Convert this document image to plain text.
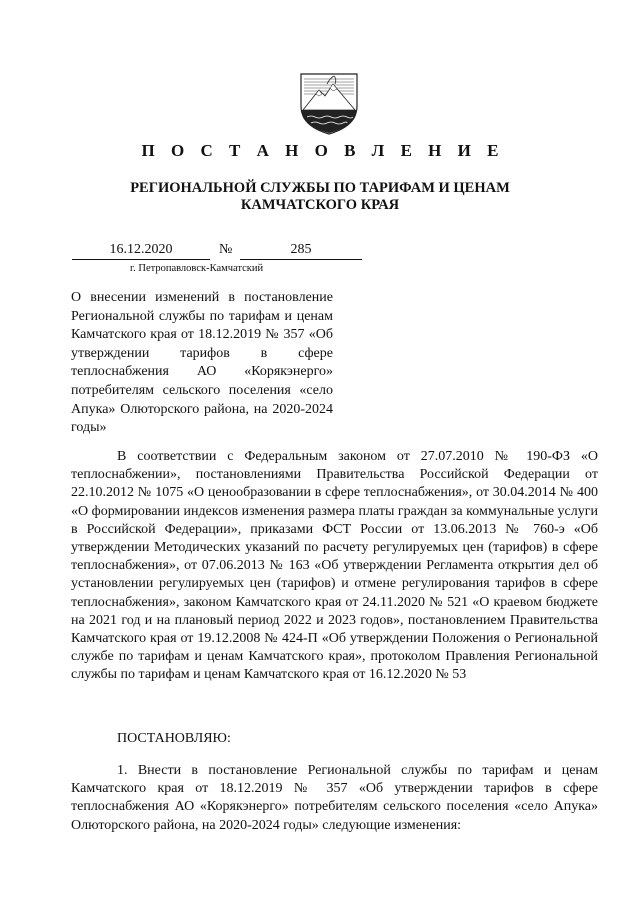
П О С Т А Н О В Л Е Н И Е
РЕГИОНАЛЬНОЙ СЛУЖБЫ ПО ТАРИФАМ И ЦЕНАМ КАМЧАТСКОГО КРАЯ
16.12.2020	№	285
г. Петропавловск-Камчатский
О внесении изменений в постановление Региональной службы по тарифам и ценам Камчатского края от 18.12.2019 № 357 «Об утверждении тарифов в сфере теплоснабжения АО «Корякэнерго» потребителям сельского поселения «село Апука» Олюторского района, на 2020-2024 годы»
В соответствии с Федеральным законом от 27.07.2010 № 190-ФЗ «О теплоснабжении», постановлениями Правительства Российской Федерации от 22.10.2012 № 1075 «О ценообразовании в сфере теплоснабжения», от 30.04.2014 № 400 «О формировании индексов изменения размера платы граждан за коммунальные услуги в Российской Федерации», приказами ФСТ России от 13.06.2013 № 760-э «Об утверждении Методических указаний по расчету регулируемых цен (тарифов) в сфере теплоснабжения», от 07.06.2013 № 163 «Об утверждении Регламента открытия дел об установлении регулируемых цен (тарифов) и отмене регулирования тарифов в сфере теплоснабжения», законом Камчатского края от 24.11.2020 № 521 «О краевом бюджете на 2021 год и на плановый период 2022 и 2023 годов», постановлением Правительства Камчатского края от 19.12.2008 № 424-П «Об утверждении Положения о Региональной службе по тарифам и ценам Камчатского края», протоколом Правления Региональной службы по тарифам и ценам Камчатского края от 16.12.2020 № 53
ПОСТАНОВЛЯЮ:
1. Внести в постановление Региональной службы по тарифам и ценам Камчатского края от 18.12.2019 № 357 «Об утверждении тарифов в сфере теплоснабжения АО «Корякэнерго» потребителям сельского поселения «село Апука» Олюторского района, на 2020-2024 годы» следующие изменения:
